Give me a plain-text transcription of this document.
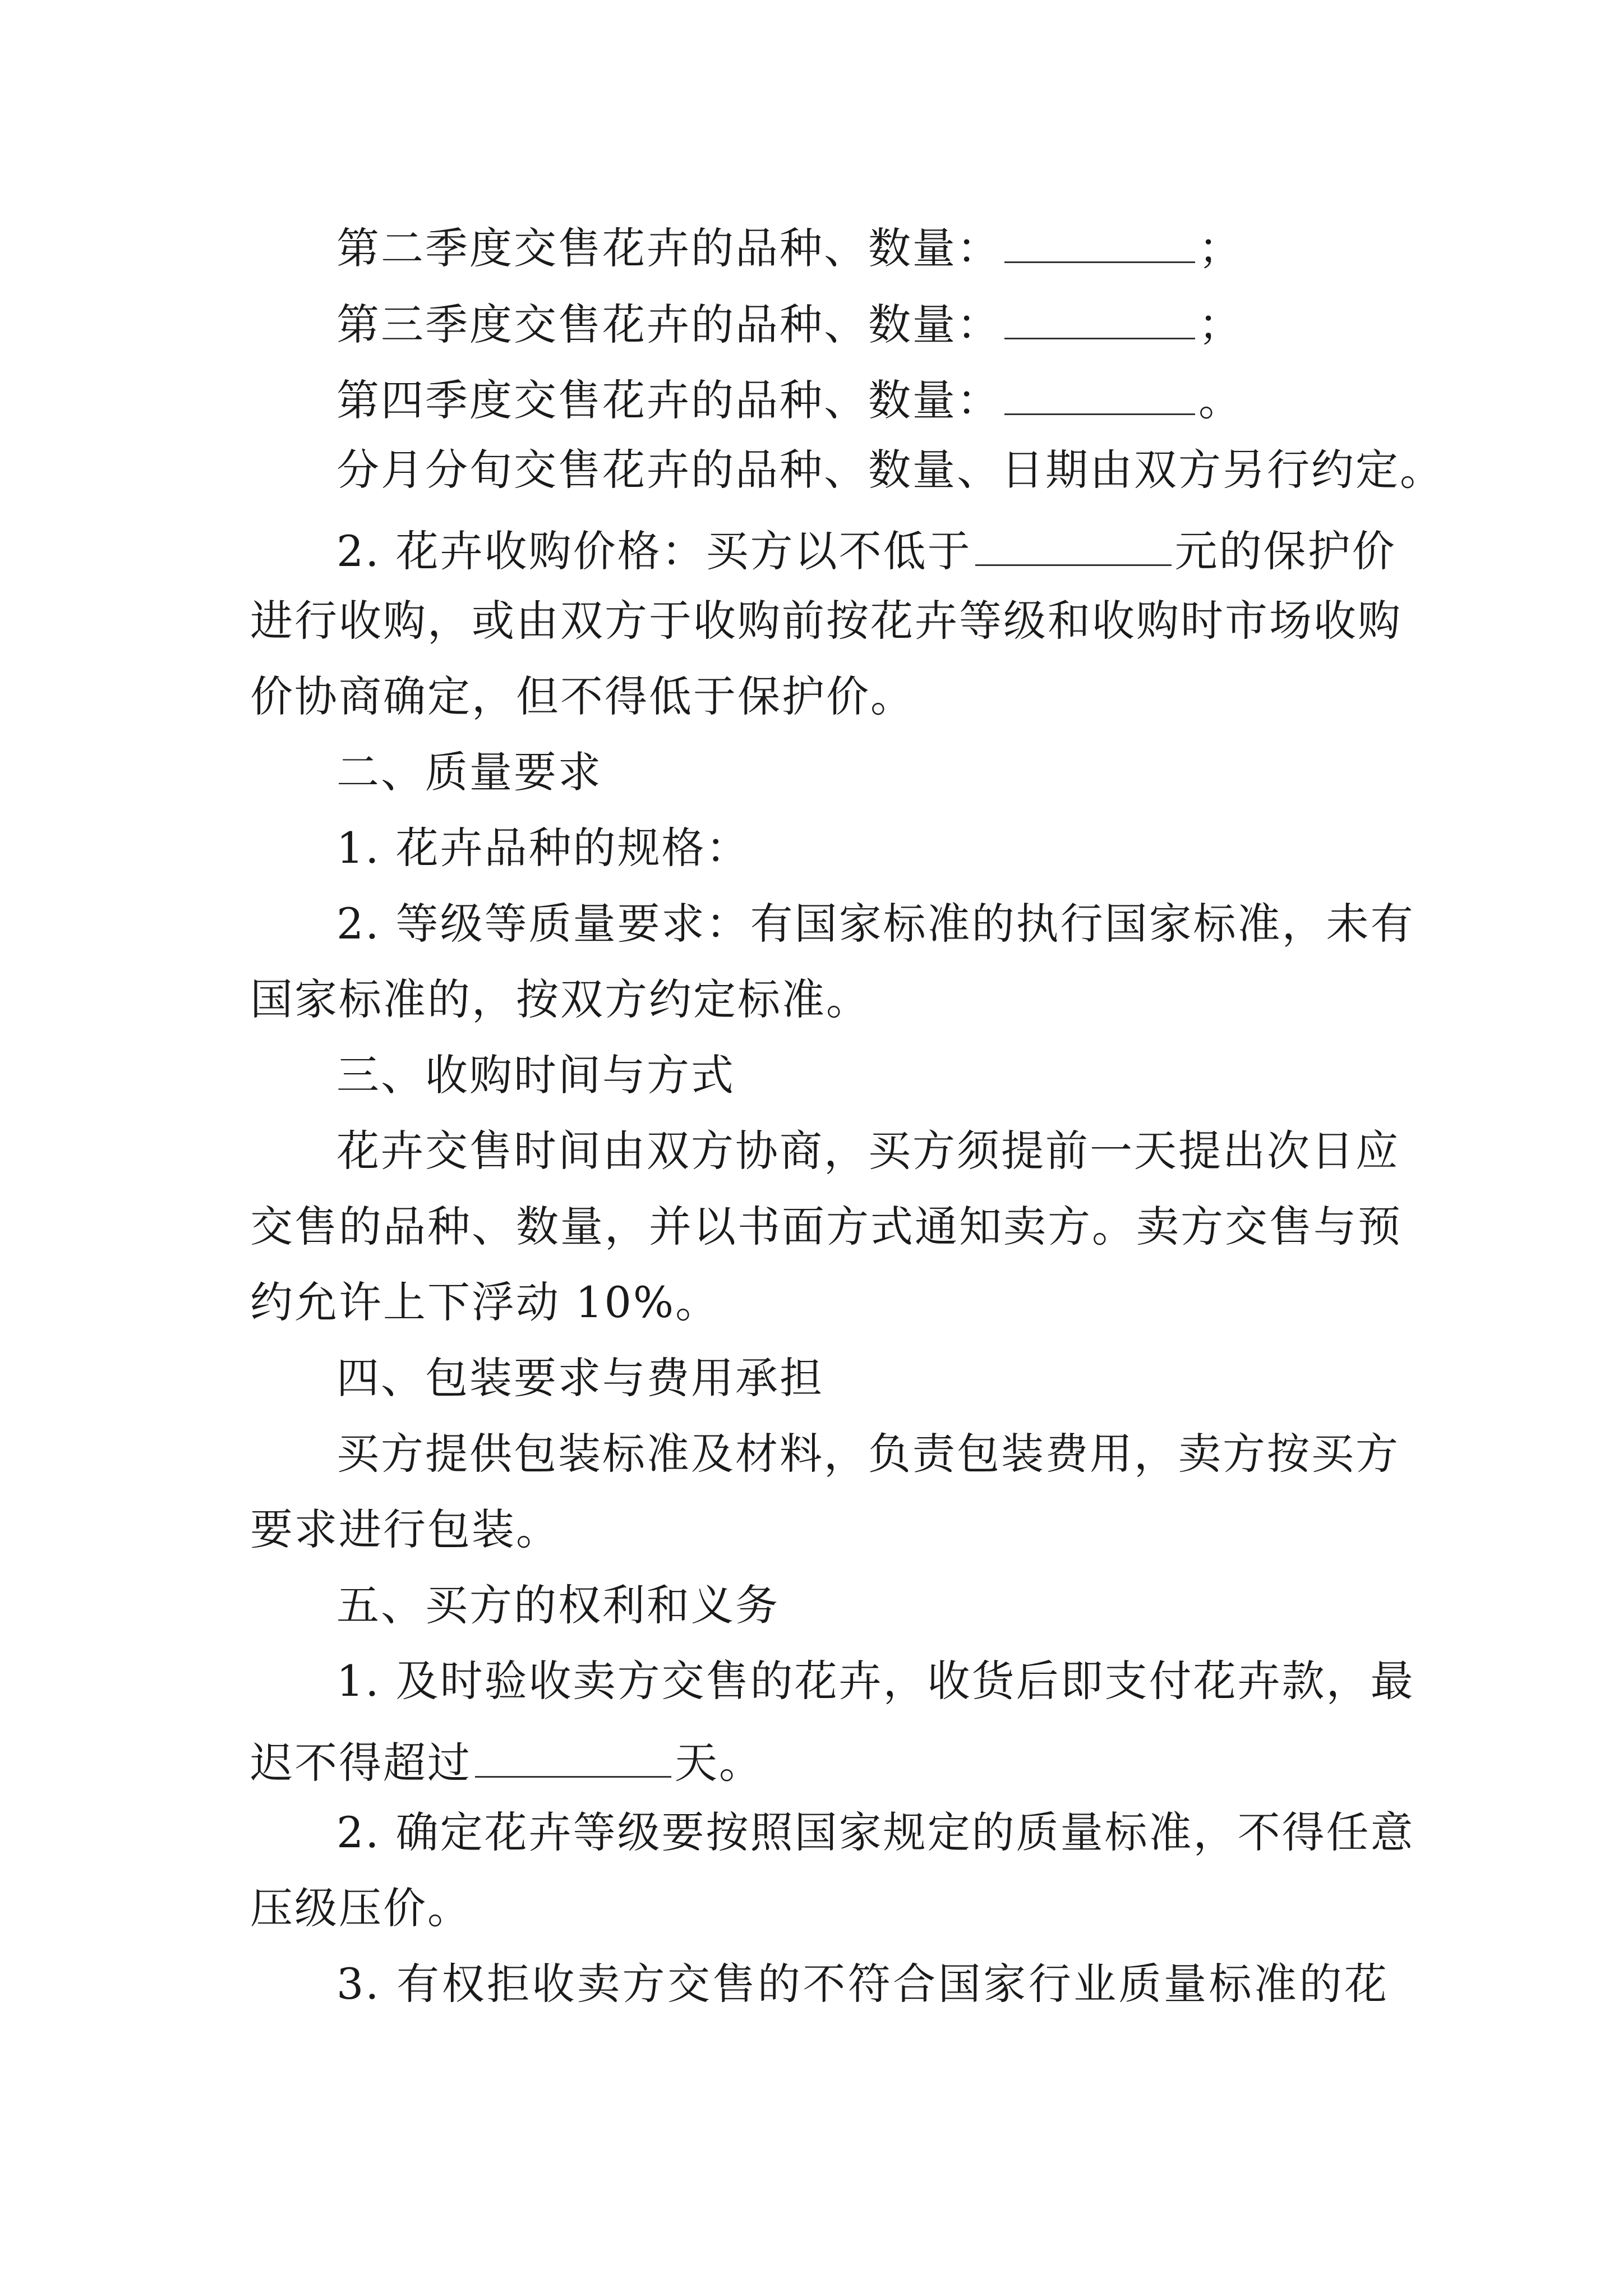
第二季度交售花卉的品种、数量：	；
第三季度交售花卉的品种、数量：	；
第四季度交售花卉的品种、数量：	。
分月分旬交售花卉的品种、数量、日期由双方另行约定。
2. 花卉收购价格：买方以不低于	元的保护价
进行收购，或由双方于收购前按花卉等级和收购时市场收购
价协商确定，但不得低于保护价。
二、质量要求
1. 花卉品种的规格：
2. 等级等质量要求：有国家标准的执行国家标准，未有
国家标准的，按双方约定标准。
三、收购时间与方式
花卉交售时间由双方协商，买方须提前一天提出次日应
交售的品种、数量，并以书面方式通知卖方。卖方交售与预
约允许上下浮动 10%。
四、包装要求与费用承担
买方提供包装标准及材料，负责包装费用，卖方按买方
要求进行包装。
五、买方的权利和义务
1. 及时验收卖方交售的花卉，收货后即支付花卉款，最
迟不得超过	天。
2. 确定花卉等级要按照国家规定的质量标准，不得任意
压级压价。
3. 有权拒收卖方交售的不符合国家行业质量标准的花
